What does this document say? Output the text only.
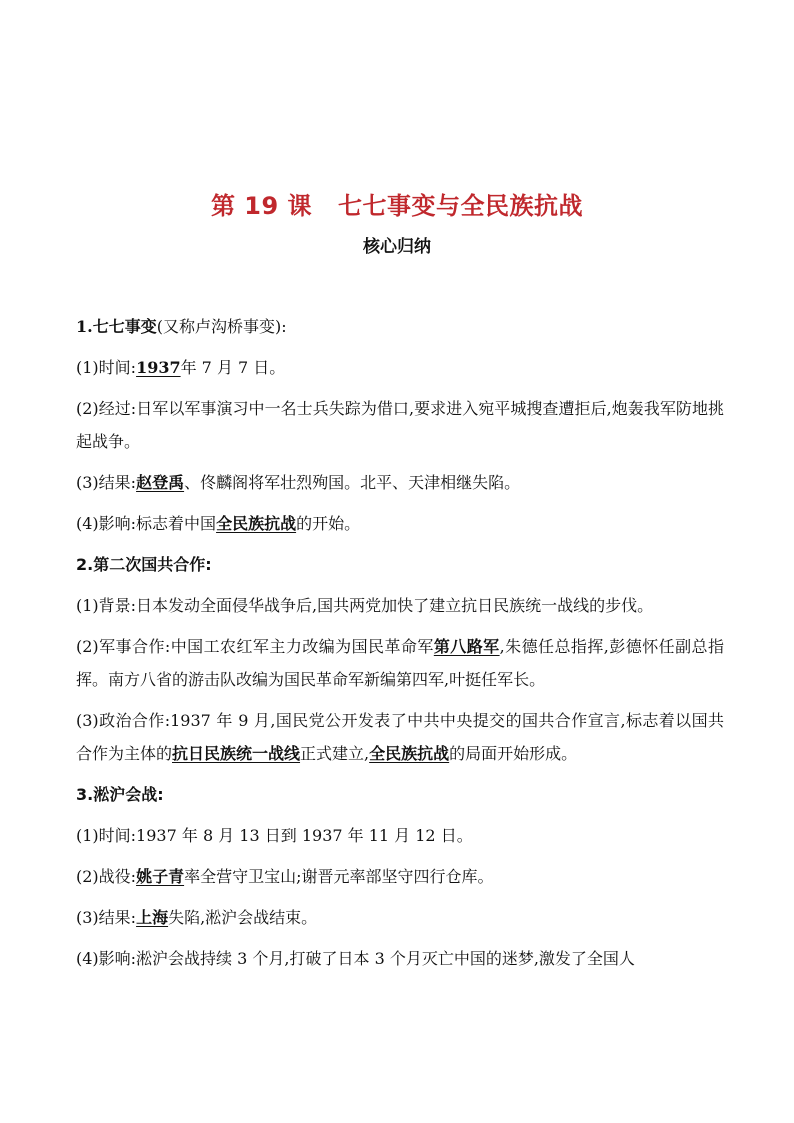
第 19 课 七七事变与全民族抗战
核心归纳

1.七七事变(又称卢沟桥事变):

(1)时间:1937年 7 月 7 日。

(2)经过:日军以军事演习中一名士兵失踪为借口,要求进入宛平城搜查遭拒后,炮轰我军防地挑起战争。

(3)结果:赵登禹、佟麟阁将军壮烈殉国。北平、天津相继失陷。

(4)影响:标志着中国全民族抗战的开始。

2.第二次国共合作:

(1)背景:日本发动全面侵华战争后,国共两党加快了建立抗日民族统一战线的步伐。

(2)军事合作:中国工农红军主力改编为国民革命军第八路军,朱德任总指挥,彭德怀任副总指挥。南方八省的游击队改编为国民革命军新编第四军,叶挺任军长。

(3)政治合作:1937 年 9 月,国民党公开发表了中共中央提交的国共合作宣言,标志着以国共合作为主体的抗日民族统一战线正式建立,全民族抗战的局面开始形成。

3.淞沪会战:

(1)时间:1937 年 8 月 13 日到 1937 年 11 月 12 日。

(2)战役:姚子青率全营守卫宝山;谢晋元率部坚守四行仓库。

(3)结果:上海失陷,淞沪会战结束。

(4)影响:淞沪会战持续 3 个月,打破了日本 3 个月灭亡中国的迷梦,激发了全国人
